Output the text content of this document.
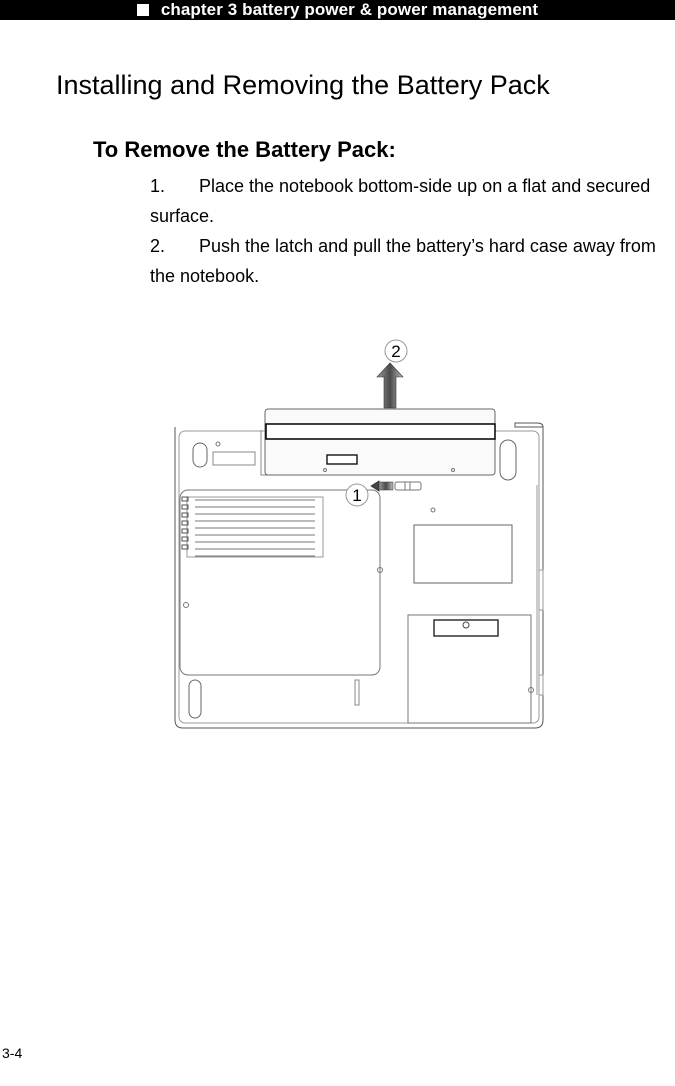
chapter 3 battery power & power management
Installing and Removing the Battery Pack
To Remove the Battery Pack:

1. Place the notebook bottom-side up on a flat and secured surface.

2. Push the latch and pull the battery’s hard case away from the notebook.

2
1
3-4
